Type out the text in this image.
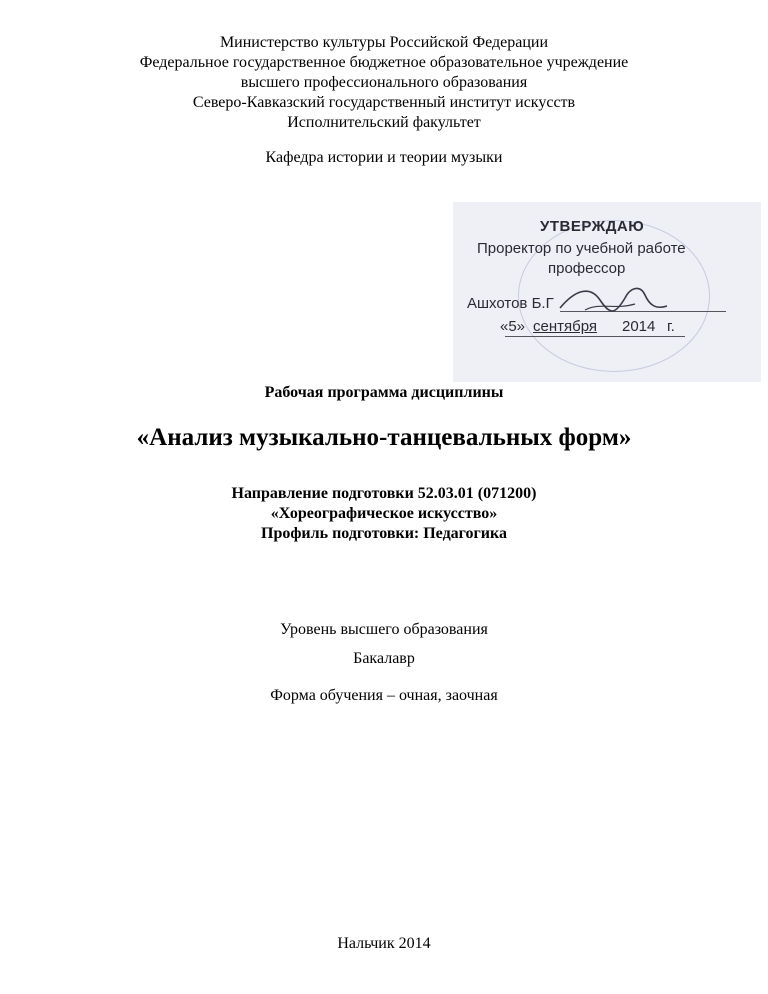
Министерство культуры Российской Федерации
Федеральное государственное бюджетное образовательное учреждение
высшего профессионального образования
Северо-Кавказский государственный институт искусств
Исполнительский факультет
Кафедра истории и теории музыки
УТВЕРЖДАЮ
Проректор по учебной работе
профессор
Ашхотов Б.Г
«5» сентября 2014 г.
Рабочая программа дисциплины
«Анализ музыкально-танцевальных форм»
Направление подготовки 52.03.01 (071200)
«Хореографическое искусство»
Профиль подготовки: Педагогика
Уровень высшего образования
Бакалавр
Форма обучения – очная, заочная
Нальчик 2014
